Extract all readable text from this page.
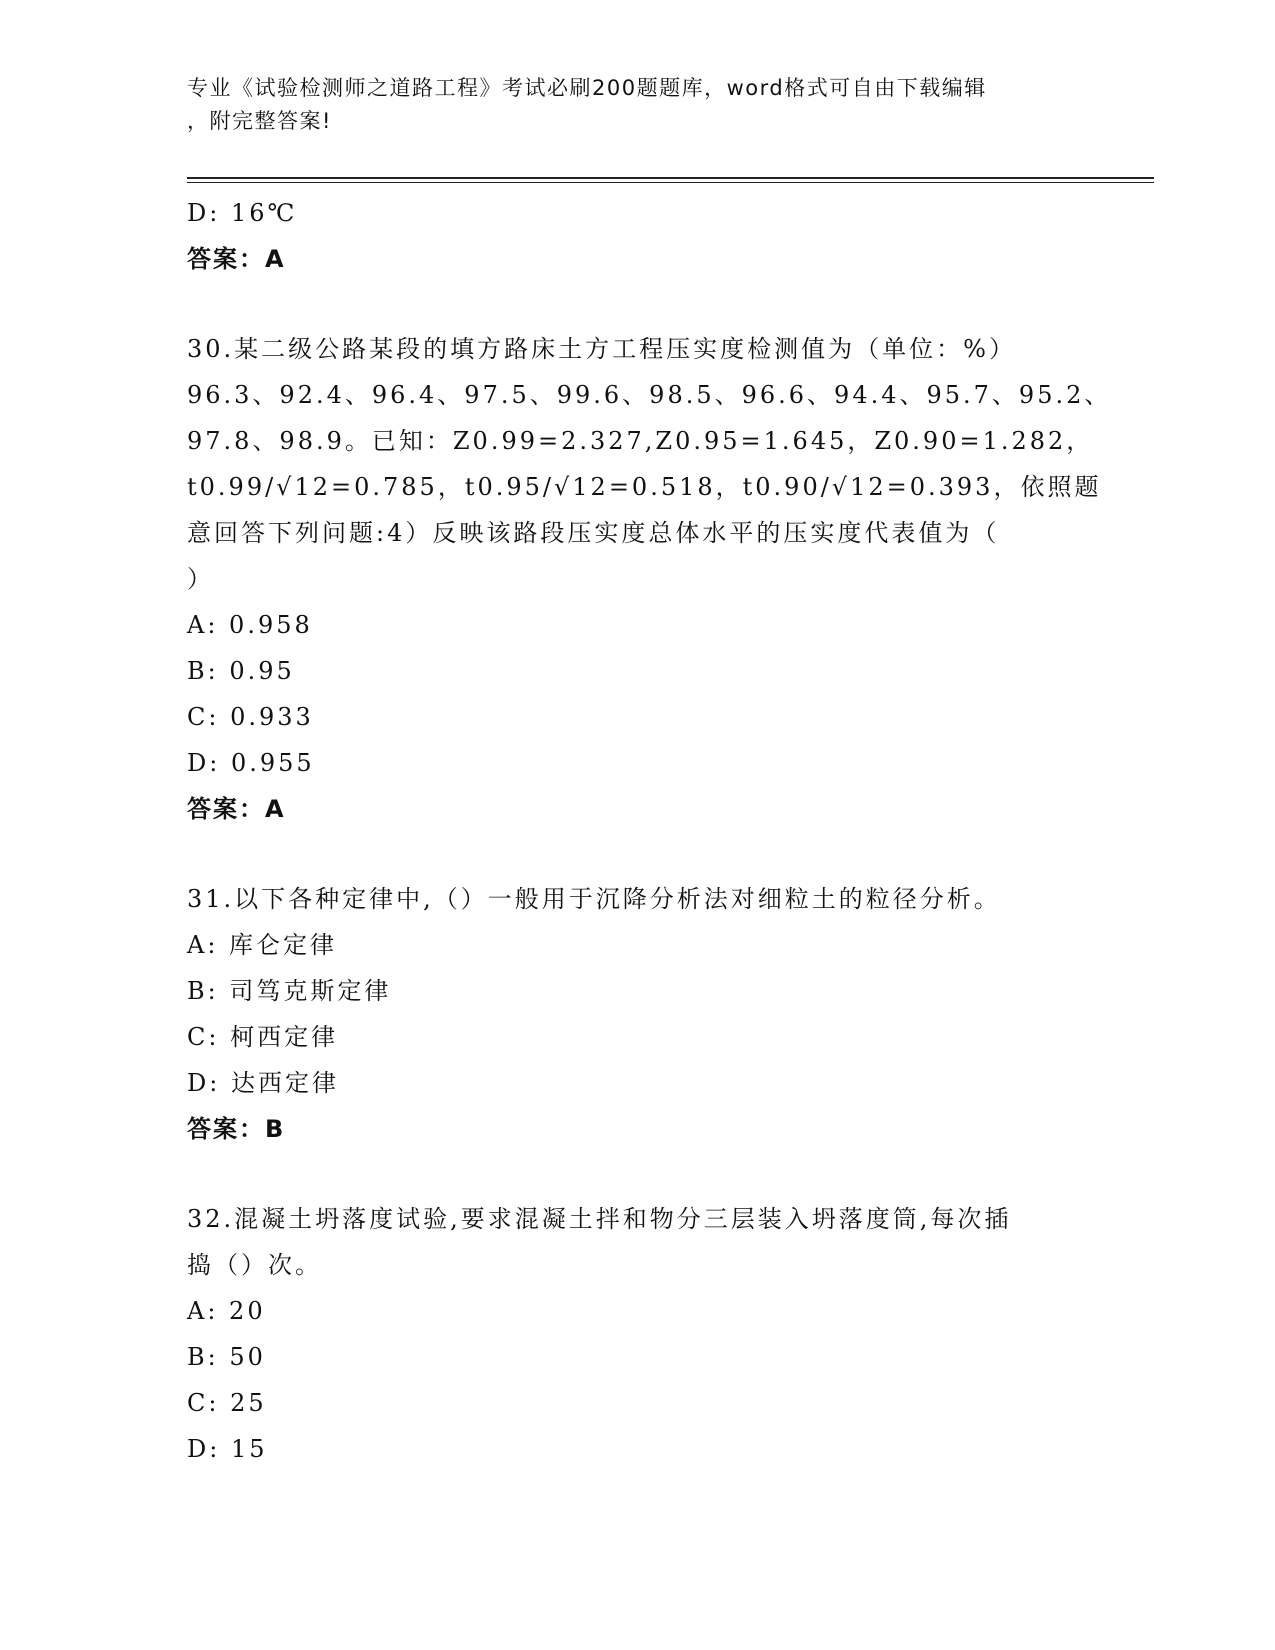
专业《试验检测师之道路工程》考试必刷200题题库，word格式可自由下载编辑
，附完整答案!
D: 16℃
答案：A
30.某二级公路某段的填方路床土方工程压实度检测值为（单位：%）
96.3、92.4、96.4、97.5、99.6、98.5、96.6、94.4、95.7、95.2、
97.8、98.9。已知：Z0.99=2.327,Z0.95=1.645，Z0.90=1.282，
t0.99/√12=0.785，t0.95/√12=0.518，t0.90/√12=0.393，依照题
意回答下列问题:4）反映该路段压实度总体水平的压实度代表值为（
）
A: 0.958
B: 0.95
C: 0.933
D: 0.955
答案：A
31.以下各种定律中,（）一般用于沉降分析法对细粒土的粒径分析。
A: 库仑定律
B: 司笃克斯定律
C: 柯西定律
D: 达西定律
答案：B
32.混凝土坍落度试验,要求混凝土拌和物分三层装入坍落度筒,每次插
捣（）次。
A: 20
B: 50
C: 25
D: 15
